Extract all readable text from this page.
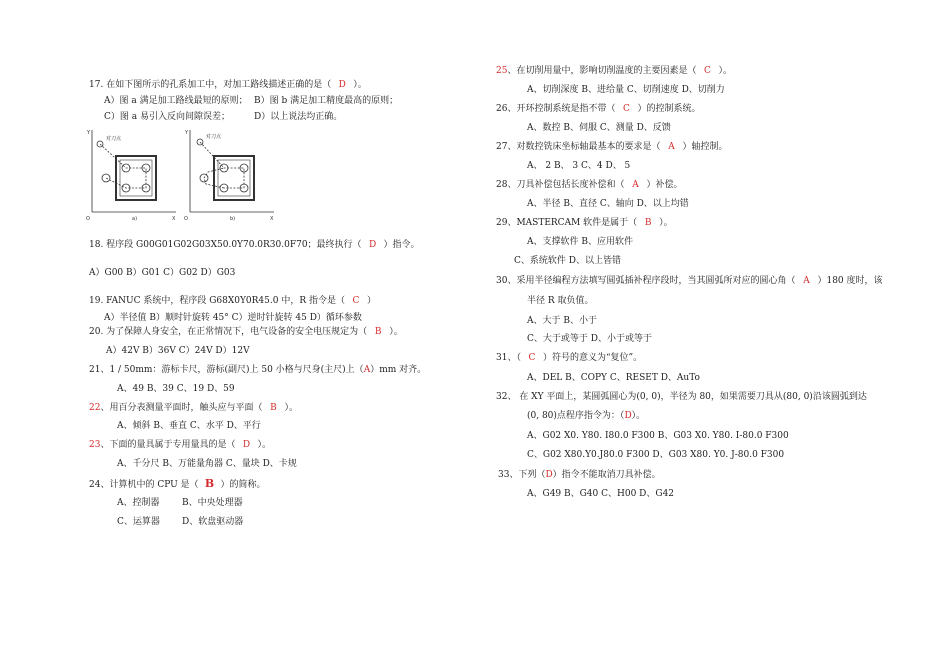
17. 在如下图所示的孔系加工中，对加工路线描述正确的是（ D ）。
A）图 a 满足加工路线最短的原则； B）图 b 满足加工精度最高的原则；
C）图 a 易引入反向间隙误差；	D）以上说法均正确。
Y
X
O
对刀点
a)
Y
X
O
对刀点
b)
18. 程序段 G00G01G02G03X50.0Y70.0R30.0F70；最终执行（ D ）指令。
A）G00 B）G01 C）G02 D）G03
19. FANUC 系统中，程序段 G68X0Y0R45.0 中，R 指令是（ C ）
A）半径值 B）顺时针旋转 45° C）逆时针旋转 45 D）循环参数
20. 为了保障人身安全，在正常情况下，电气设备的安全电压规定为（ B ）。
A）42V B）36V C）24V D）12V
21、1 / 50mm：游标卡尺，游标(副尺)上 50 小格与尺身(主尺)上（A）mm 对齐。
A、49 B、39 C、19 D、59
22、用百分表测量平面时，触头应与平面（ B ）。
A、倾斜 B、垂直 C、水平 D、平行
23、下面的量具属于专用量具的是（ D ）。
A、千分尺 B、万能量角器 C、量块 D、卡规
24、计算机中的 CPU 是（ B ）的简称。
A、控制器	B、中央处理器
C、运算器 D、软盘驱动器
25、在切削用量中，影响切削温度的主要因素是（ C ）。
A、切削深度 B、进给量 C、切削速度 D、切削力
26、开环控制系统是指不带（ C ）的控制系统。
A、数控 B、伺服 C、测量 D、反馈
27、对数控铣床坐标轴最基本的要求是（ A ）轴控制。
A、 2 B、 3 C、4 D、 5
28、刀具补偿包括长度补偿和（ A ）补偿。
A、半径 B、直径 C、轴向 D、以上均错
29、MASTERCAM 软件是属于（ B ）。
A、支撑软件 B、应用软件
C、系统软件 D、以上皆错
30、采用半径编程方法填写圆弧插补程序段时，当其圆弧所对应的圆心角（ A ）180 度时，该
半径 R 取负值。
A、大于 B、小于
C、大于或等于 D、小于或等于
31、（ C ）符号的意义为“复位”。
A、DEL B、COPY C、RESET D、AuTo
32、 在 XY 平面上，某圆弧圆心为(0, 0)，半径为 80，如果需要刀具从(80, 0)沿该圆弧到达
(0, 80)点程序指令为：（D）。
A、G02 X0. Y80. I80.0 F300 B、G03 X0. Y80. I-80.0 F300
C、G02 X80.Y0.J80.0 F300 D、G03 X80. Y0. J-80.0 F300
33、下列（D）指令不能取消刀具补偿。
A、G49 B、G40 C、H00 D、G42
